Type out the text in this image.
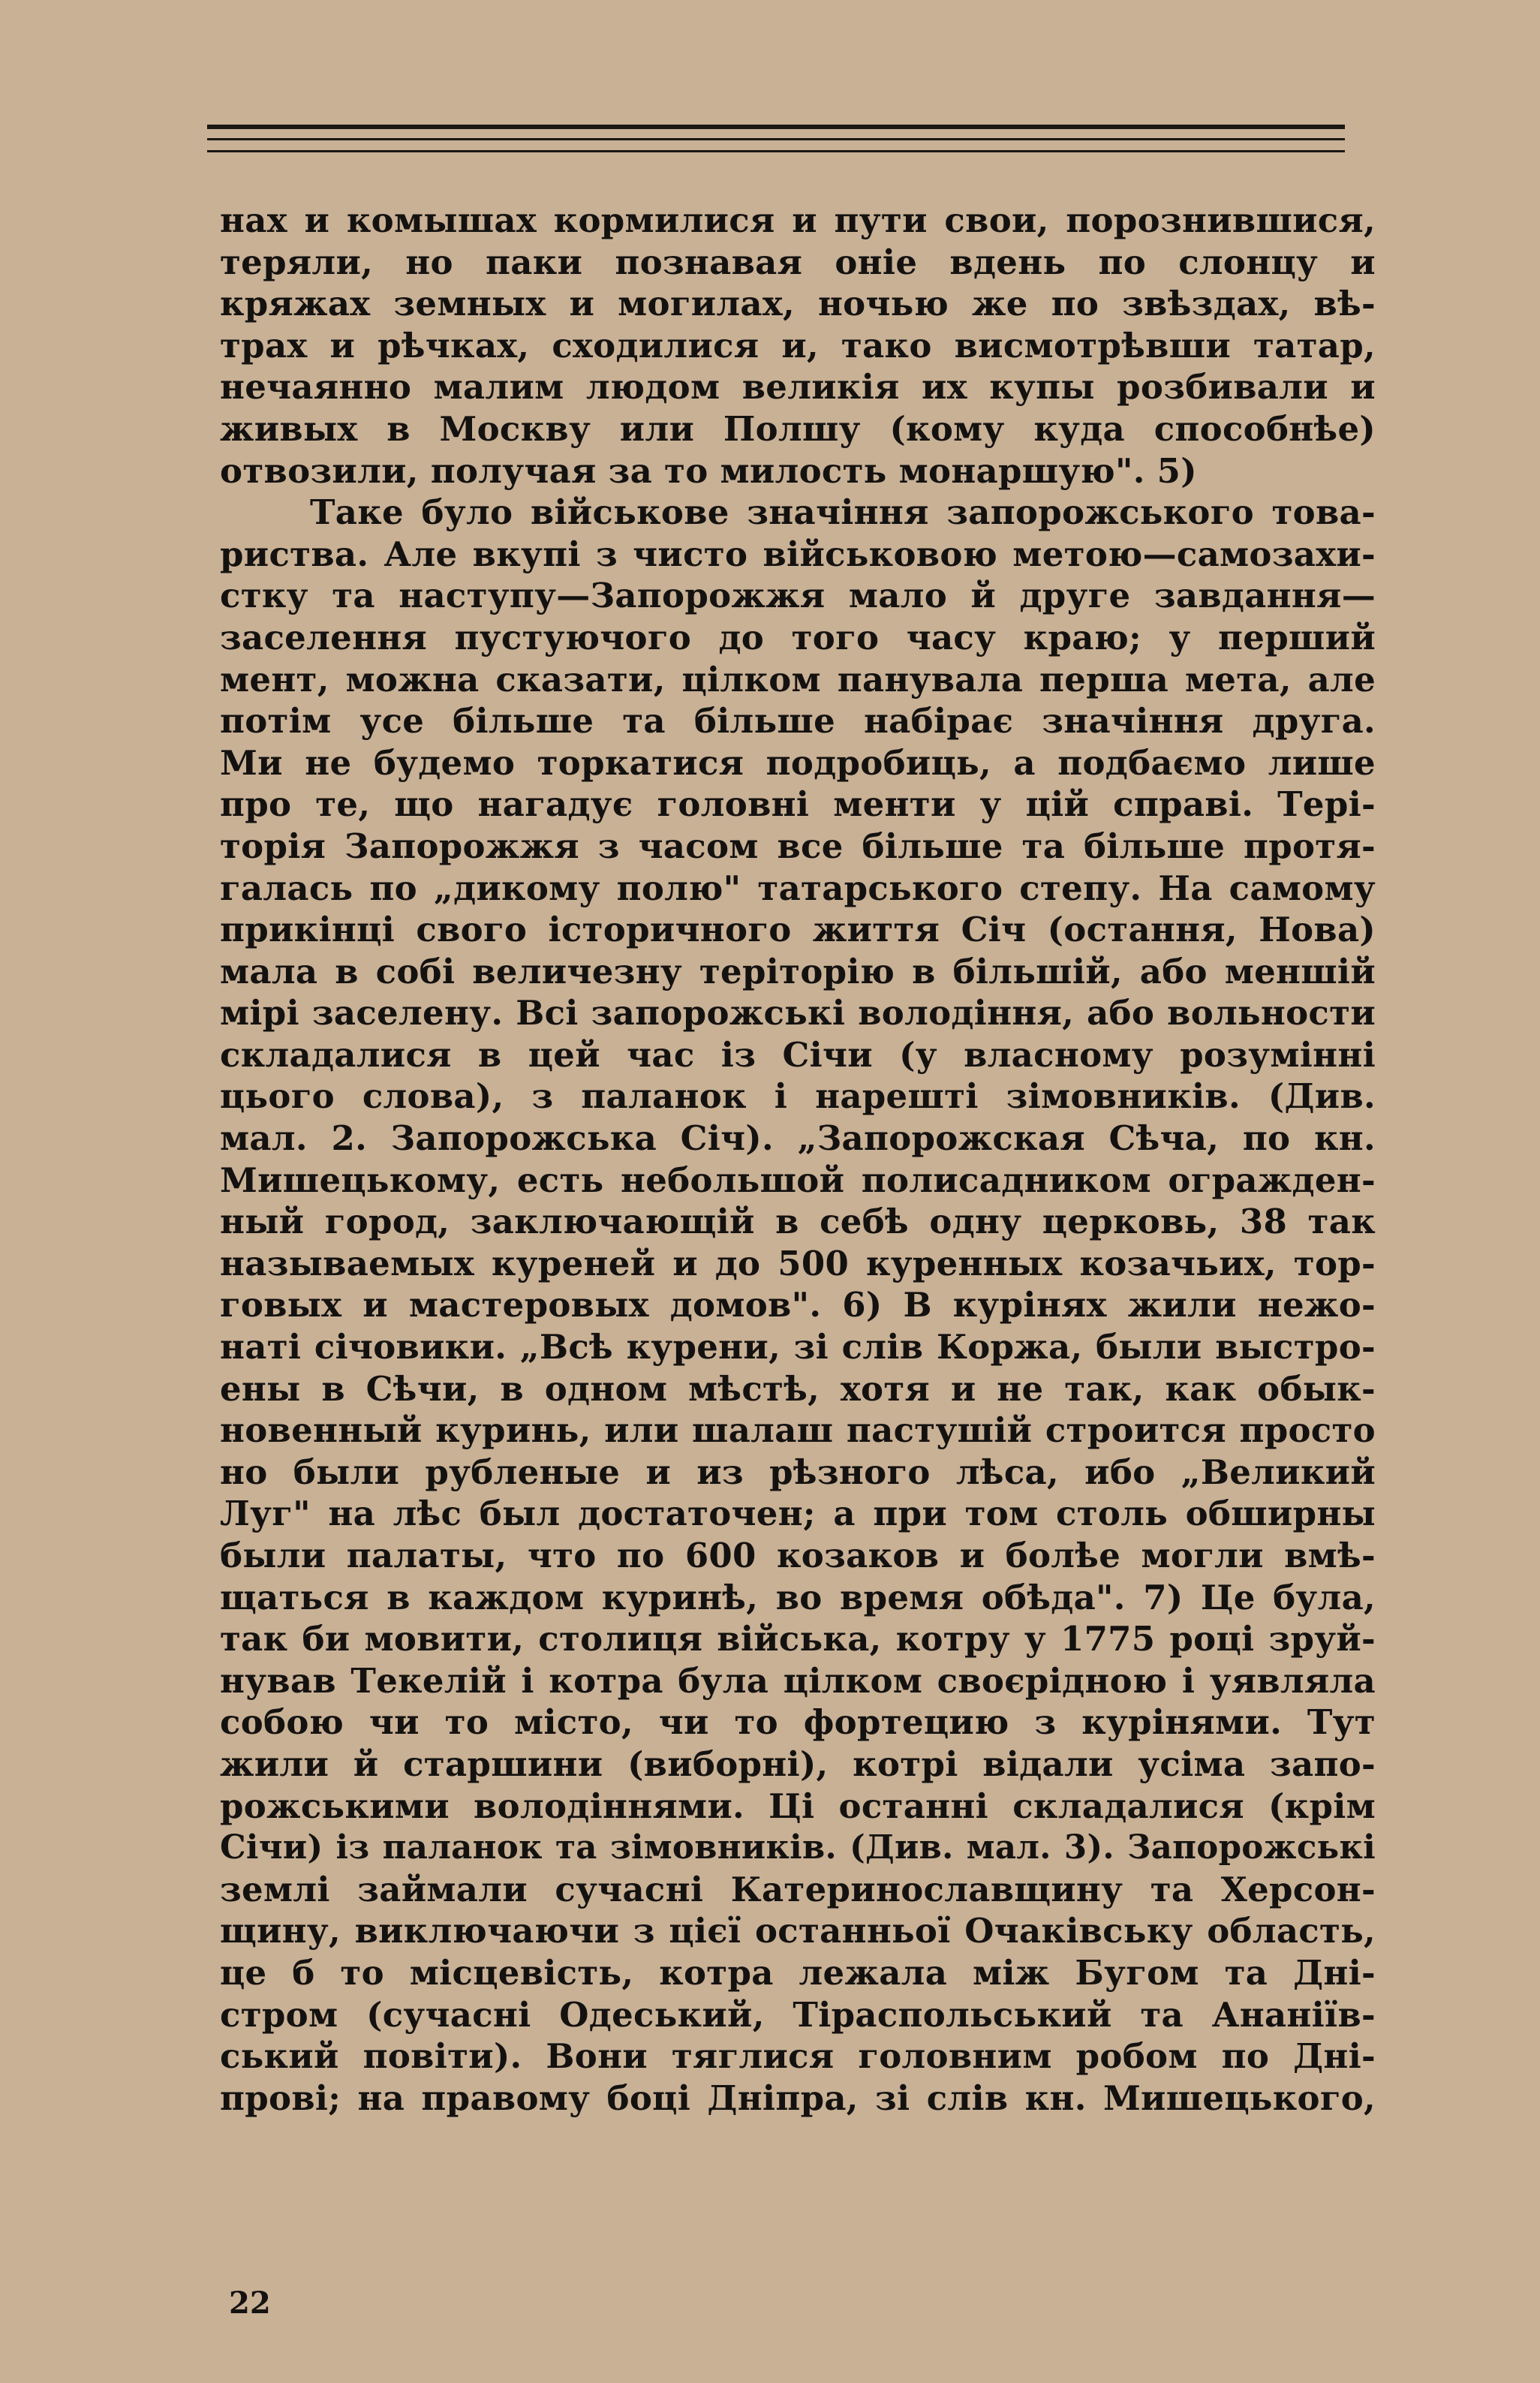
нах и комышах кормилися и пути свои, порознившися,
теряли, но паки познавая оніе вдень по слонцу и
кряжах земных и могилах, ночью же по звѣздах, вѣ-
трах и рѣчках, сходилися и, тако висмотрѣвши татар,
нечаянно малим людом великія их купы розбивали и
живых в Москву или Полшу (кому куда способнѣе)
отвозили, получая за то милость монаршую". 5)
Таке було військове значіння запорожського това-
риства. Але вкупі з чисто військовою метою—самозахи-
стку та наступу—Запорожжя мало й друге завдання—
заселення пустуючого до того часу краю; у перший
мент, можна сказати, цілком панувала перша мета, але
потім усе більше та більше набірає значіння друга.
Ми не будемо торкатися подробиць, а подбаємо лише
про те, що нагадує головні менти у цій справі. Тері-
торія Запорожжя з часом все більше та більше протя-
галась по „дикому полю" татарського степу. На самому
прикінці свого історичного життя Січ (остання, Нова)
мала в собі величезну теріторію в більшій, або меншій
мірі заселену. Всі запорожські володіння, або вольности
складалися в цей час із Січи (у власному розумінні
цього слова), з паланок і нарешті зімовників. (Див.
мал. 2. Запорожська Січ). „Запорожская Сѣча, по кн.
Мишецькому, есть небольшой полисадником огражден-
ный город, заключающій в себѣ одну церковь, 38 так
называемых куреней и до 500 куренных козачьих, тор-
говых и мастеровых домов". 6) В курінях жили нежо-
наті січовики. „Всѣ курени, зі слів Коржа, были выстро-
ены в Сѣчи, в одном мѣстѣ, хотя и не так, как обык-
новенный куринь, или шалаш пастушій строится просто
но были рубленые и из рѣзного лѣса, ибо „Великий
Луг" на лѣс был достаточен; а при том столь обширны
были палаты, что по 600 козаков и болѣе могли вмѣ-
щаться в каждом куринѣ, во время обѣда". 7) Це була,
так би мовити, столиця війська, котру у 1775 році зруй-
нував Текелій і котра була цілком своєрідною і уявляла
собою чи то місто, чи то фортецию з курінями. Тут
жили й старшини (виборні), котрі відали усіма запо-
рожськими володіннями. Ці останні складалися (крім
Січи) із паланок та зімовників. (Див. мал. 3). Запорожські
землі займали сучасні Катеринославщину та Херсон-
щину, виключаючи з цієї останньої Очаківську область,
це б то місцевість, котра лежала між Бугом та Дні-
стром (сучасні Одеський, Тіраспольський та Ананіїв-
ський повіти). Вони тяглися головним робом по Дні-
прові; на правому боці Дніпра, зі слів кн. Мишецького,
22
